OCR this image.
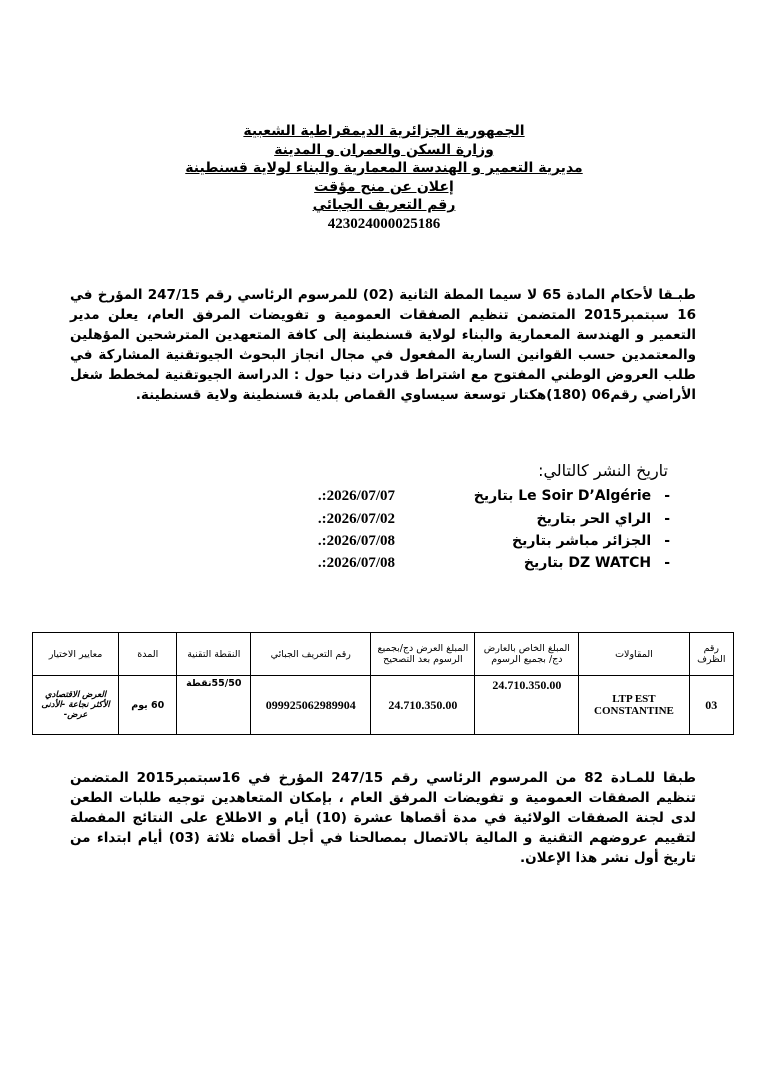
الجمهورية الجزائرية الديمقراطية الشعبية
وزارة السكن والعمران و المدينة
مديرية التعمير و الهندسة المعمارية والبناء لولاية قسنطينة
إعلان عن منح مؤقت
رقم التعريف الجبائي
423024000025186
طبـقا لأحكام المادة 65 لا سيما المطة الثانية (02) للمرسوم الرئاسي رقم 247/15 المؤرخ في 16 سبتمبر2015 المتضمن تنظيم الصفقات العمومية و تفويضات المرفق العام، يعلن مدير التعمير و الهندسة المعمارية والبناء لولاية قسنطينة إلى كافة المتعهدين المترشحين المؤهلين والمعتمدين حسب القوانين السارية المفعول في مجال انجاز البحوث الجيوتقنية المشاركة في طلب العروض الوطني المفتوح مع اشتراط قدرات دنيا حول : الدراسة الجيوتقنية لمخطط شغل الأراضي رقم06 (180)هكتار توسعة سيساوي القماص بلدية قسنطينة ولاية قسنطينة.
تاريخ النشر كالتالي:
- Le Soir D’Algérie بتاريخ
2026/07/07:.
- الراي الحر بتاريخ
2026/07/02:.
- الجزائر مباشر بتاريخ
2026/07/08:.
- DZ WATCH بتاريخ
2026/07/08:.
رقم الظرف	المقاولات	المبلغ الخاص بالعارض دج/ بجميع الرسوم	المبلغ العرض دج/بجميع الرسوم بعد التصحيح	رقم التعريف الجبائي	النقطة التقنية	المدة	معايير الاختيار
03	LTP EST CONSTANTINE	24.710.350.00	24.710.350.00	099925062989904	55/50نقطة	60 يوم	العرض الاقتصادي الأكثر نجاعة -الأدنى عرض-
طبقا للمـادة 82 من المرسوم الرئاسي رقم 247/15 المؤرخ في 16سبتمبر2015 المتضمن تنظيم الصفقات العمومية و تفويضات المرفق العام ، بإمكان المتعاهدين توجيه طلبات الطعن لدى لجنة الصفقات الولائية في مدة أقصاها عشرة (10) أيام و الاطلاع على النتائج المفصلة لتقييم عروضهم التقنية و المالية بالاتصال بمصالحنا في أجل أقصاه ثلاثة (03) أيام ابتداء من تاريخ أول نشر هذا الإعلان.
